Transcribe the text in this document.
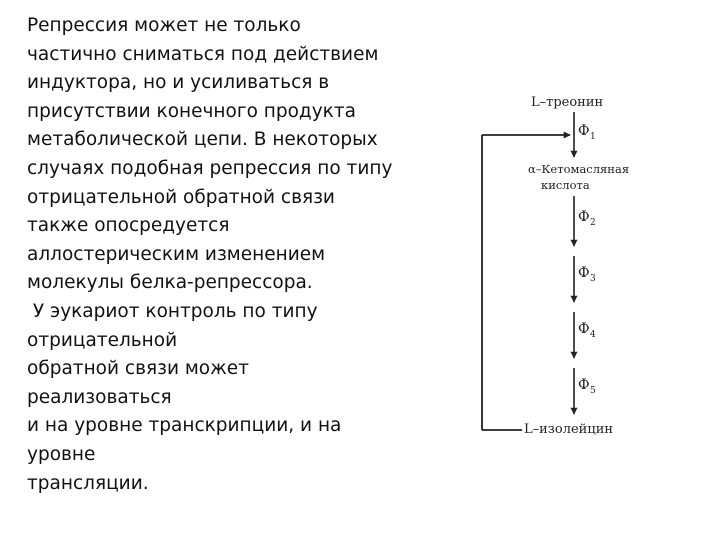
Репрессия может не только
частично сниматься под действием
индуктора, но и усиливаться в
присутствии конечного продукта
метаболической цепи. В некоторых
случаях подобная репрессия по типу
отрицательной обратной связи
также опосредуется
аллостерическим изменением
молекулы белка-репрессора.
У эукариот контроль по типу
отрицательной
обратной связи может
реализоваться
и на уровне транскрипции, и на
уровне
трансляции.
L–треонин
α–Кетомасляная
кислота
L–изолейцин
Ф 1
Ф 2
Ф 3
Ф 4
Ф 5
